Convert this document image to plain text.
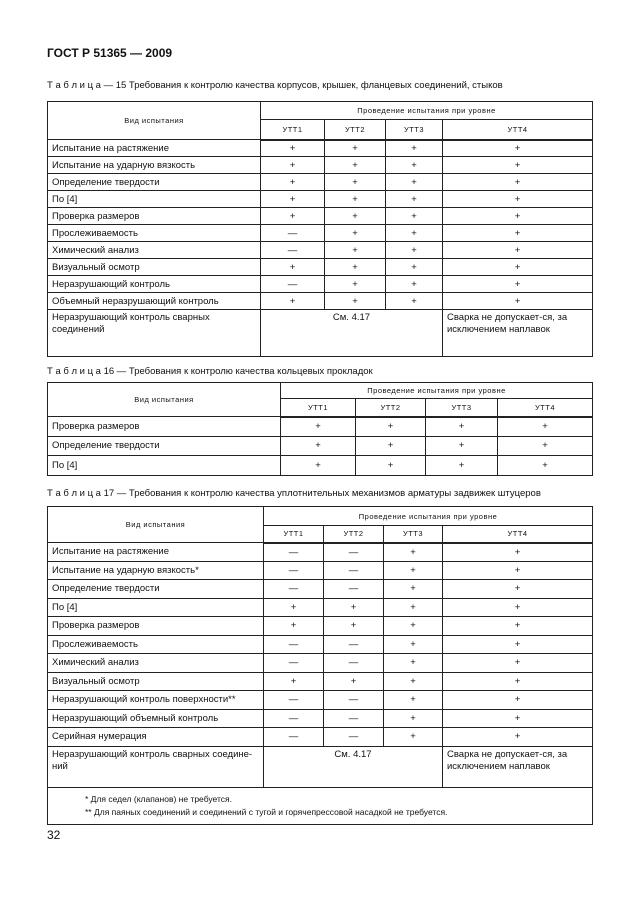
ГОСТ Р 51365 — 2009
Т а б л и ц а — 15 Требования к контролю качества корпусов, крышек, фланцевых соединений, стыков
Вид испытания	Проведение испытания при уровне			
	УТТ1	УТТ2	УТТ3	УТТ4
Испытание на растяжение	+	+	+	+
Испытание на ударную вязкость	+	+	+	+
Определение твердости	+	+	+	+
По [4]	+	+	+	+
Проверка размеров	+	+	+	+
Прослеживаемость	—	+	+	+
Химический анализ	—	+	+	+
Визуальный осмотр	+	+	+	+
Неразрушающий контроль	—	+	+	+
Объемный неразрушающий контроль	+	+	+	+
Неразрушающий контроль сварных соединений	См. 4.17			Сварка не допускает-ся, за исключением наплавок
Т а б л и ц а 16 — Требования к контролю качества кольцевых прокладок
Вид испытания	Проведение испытания при уровне			
	УТТ1	УТТ2	УТТ3	УТТ4
Проверка размеров	+	+	+	+
Определение твердости	+	+	+	+
По [4]	+	+	+	+
Т а б л и ц а 17 — Требования к контролю качества уплотнительных механизмов арматуры задвижек штуцеров
Вид испытания	Проведение испытания при уровне			
	УТТ1	УТТ2	УТТ3	УТТ4
Испытание на растяжение	—	—	+	+
Испытание на ударную вязкость*	—	—	+	+
Определение твердости	—	—	+	+
По [4]	+	+	+	+
Проверка размеров	+	+	+	+
Прослеживаемость	—	—	+	+
Химический анализ	—	—	+	+
Визуальный осмотр	+	+	+	+
Неразрушающий контроль поверхности**	—	—	+	+
Неразрушающий объемный контроль	—	—	+	+
Серийная нумерация	—	—	+	+
Неразрушающий контроль сварных соедине-ний	См. 4.17			Сварка не допускает-ся, за исключением наплавок

* Для седел (клапанов) не требуется.
** Для паяных соединений и соединений с тугой и горячепрессовой насадкой не требуется.				
32
